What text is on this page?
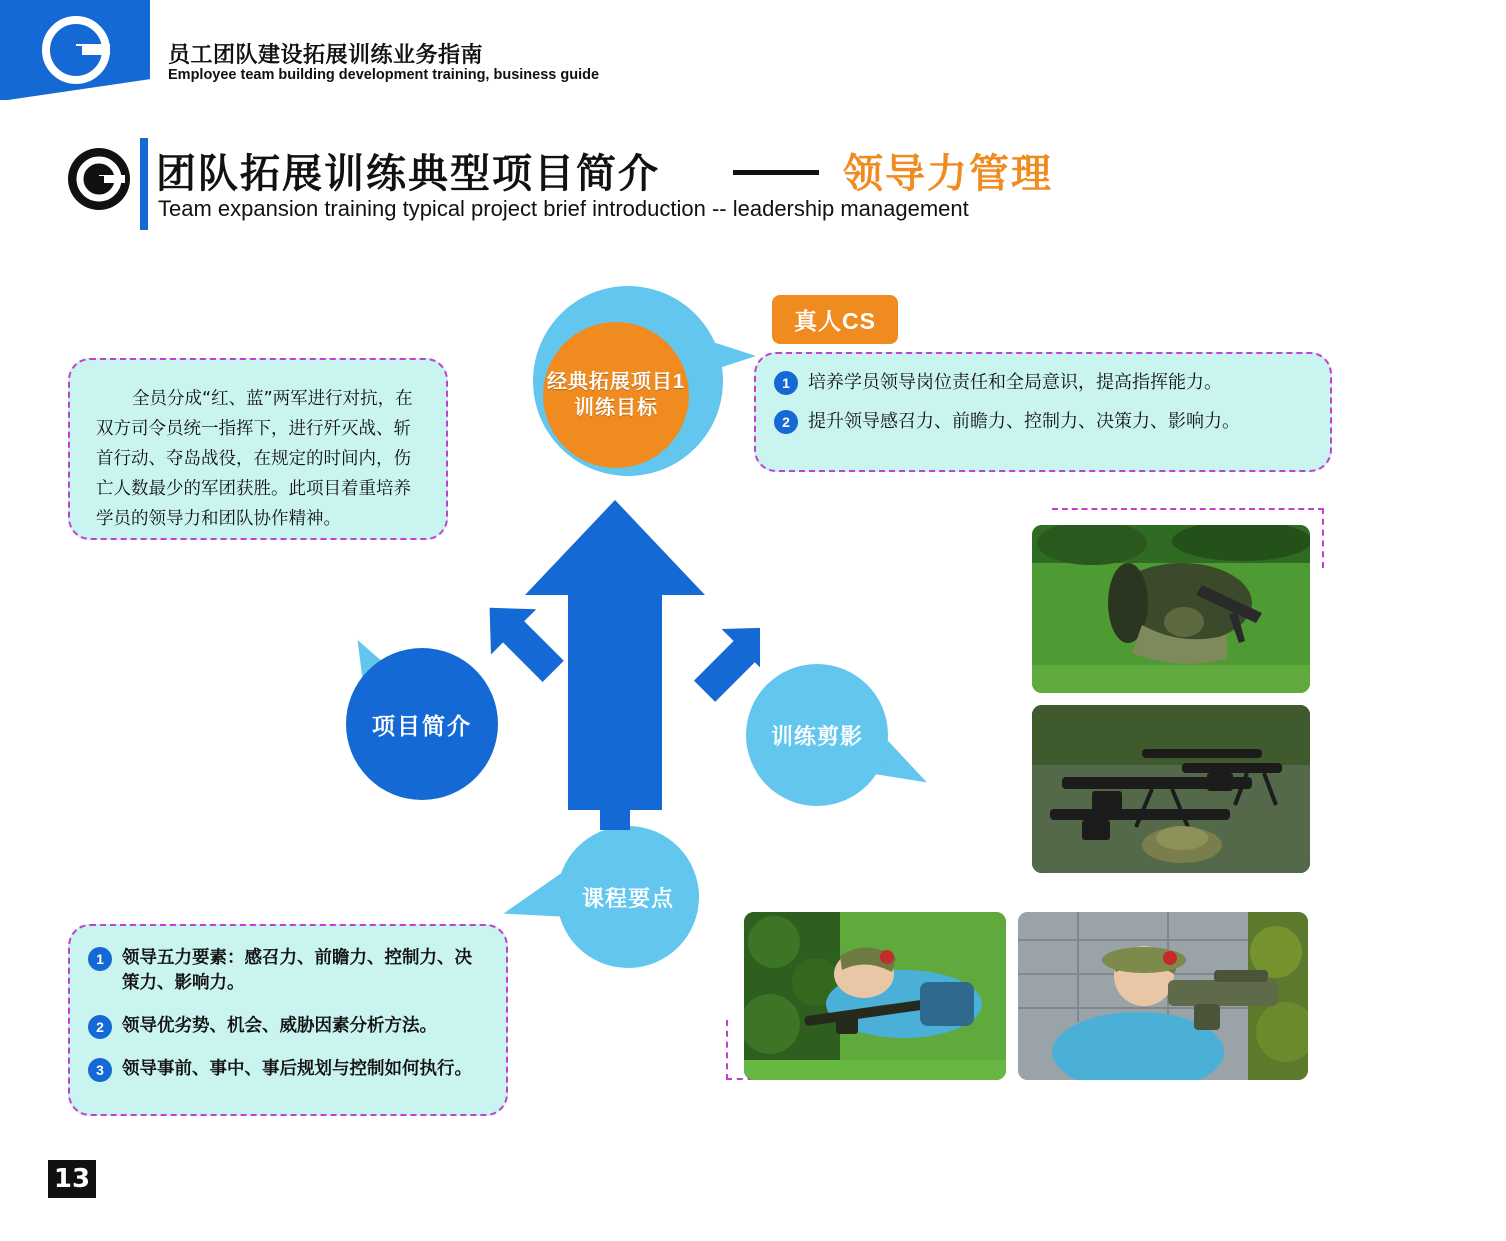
员工团队建设拓展训练业务指南
Employee team building development training, business guide
团队拓展训练典型项目简介	领导力管理
Team expansion training typical project brief introduction -- leadership management
经典拓展项目1
训练目标
项目简介	训练剪影
课程要点
真人CS

全员分成“红、蓝”两军进行对抗，在双方司令员统一指挥下，进行歼灭战、斩首行动、夺岛战役，在规定的时间内，伤亡人数最少的军团获胜。此项目着重培养学员的领导力和团队协作精神。

1	培养学员领导岗位责任和全局意识，提高指挥能力。
2	提升领导感召力、前瞻力、控制力、决策力、影响力。
1	领导五力要素：感召力、前瞻力、控制力、决策力、影响力。
2	领导优劣势、机会、威胁因素分析方法。
3	领导事前、事中、事后规划与控制如何执行。
13
